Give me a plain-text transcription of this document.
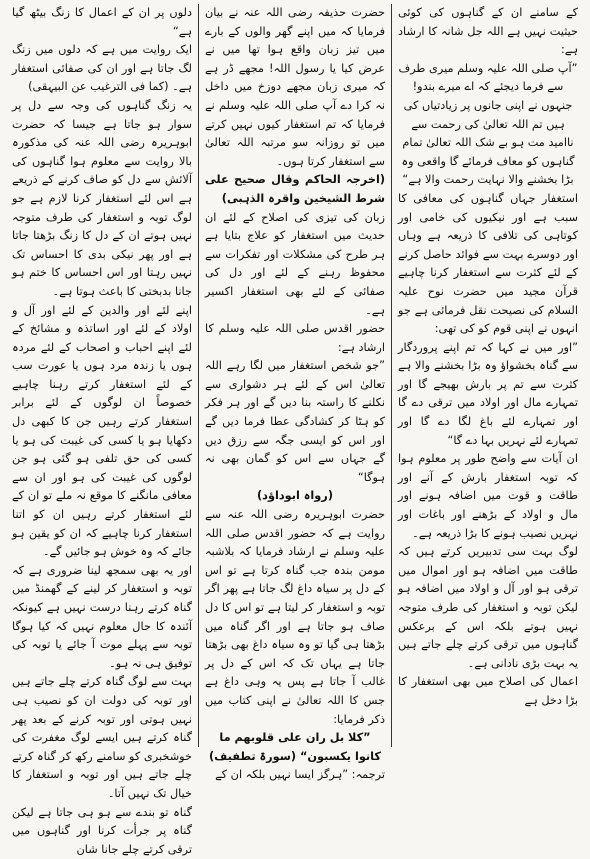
کے سامنے ان کے گناہوں کی کوئی حیثیت نہیں ہے اللہ جل شانہ کا ارشاد ہے:

”آپ صلی اللہ علیہ وسلم میری طرف سے فرما دیجئے کہ اے میرے بندو! جنہوں نے اپنی جانوں پر زیادتیاں کی ہیں تم اللہ تعالیٰ کی رحمت سے ناامید مت ہو بے شک اللہ تعالیٰ تمام گناہوں کو معاف فرمائے گا واقعی وہ بڑا بخشنے والا نہایت رحمت والا ہے“

استغفار جہاں گناہوں کی معافی کا سبب ہے اور نیکیوں کی خامی اور کوتاہی کی تلافی کا ذریعہ ہے وہاں اور دوسرے بہت سے فوائد حاصل کرنے کے لئے کثرت سے استغفار کرنا چاہیے قرآن مجید میں حضرت نوح علیہ السلام کی نصیحت نقل فرمائی ہے جو انہوں نے اپنی قوم کو کی تھی:

”اور میں نے کہا کہ تم اپنے پروردگار سے گناہ بخشواؤ وہ بڑا بخشنے والا ہے کثرت سے تم پر بارش بھیجے گا اور تمہارے مال اور اولاد میں ترقی دے گا اور تمہارے لئے باغ لگا دے گا اور تمہارے لئے نہریں بہا دے گا“

ان آیات سے واضح طور پر معلوم ہوا کہ توبہ استغفار بارش کے آنے اور طاقت و قوت میں اضافہ ہونے اور مال و اولاد کے بڑھنے اور باغات اور نہریں نصیب ہونے کا بڑا ذریعہ ہے۔

لوگ بہت سی تدبیریں کرتے ہیں کہ طاقت میں اضافہ ہو اور اموال میں ترقی ہو اور آل و اولاد میں اضافہ ہو لیکن توبہ و استغفار کی طرف متوجہ نہیں ہوتے بلکہ اس کے برعکس گناہوں میں ترقی کرتے چلے جاتے ہیں یہ بہت بڑی نادانی ہے۔

اعمال کی اصلاح میں بھی استغفار کا بڑا دخل ہے

حضرت حذیفہ رضی اللہ عنہ نے بیان فرمایا کہ میں اپنے گھر والوں کے بارے میں تیز زبان واقع ہوا تھا میں نے عرض کیا یا رسول اللہ! مجھے ڈر ہے کہ میری زبان مجھے دوزخ میں داخل نہ کرا دے آپ صلی اللہ علیہ وسلم نے فرمایا کہ تم استغفار کیوں نہیں کرتے میں تو روزانہ سو مرتبہ اللہ تعالیٰ سے استغفار کرتا ہوں۔

(اخرجہ الحاکم وقال صحیح علی شرط الشیخین واقرہ الذہبی)

زبان کی تیزی کی اصلاح کے لئے ان حدیث میں استغفار کو علاج بتایا ہے ہر طرح کی مشکلات اور تفکرات سے محفوظ رہنے کے لئے اور دل کی صفائی کے لئے بھی استغفار اکسیر ہے۔

حضور اقدس صلی اللہ علیہ وسلم کا ارشاد ہے:

”جو شخص استغفار میں لگا رہے اللہ تعالیٰ اس کے لئے ہر دشواری سے نکلنے کا راستہ بنا دیں گے اور ہر فکر کو ہٹا کر کشادگی عطا فرما دیں گے اور اس کو ایسی جگہ سے رزق دیں گے جہاں سے اس کو گمان بھی نہ ہوگا“

(رواہ ابوداؤد)

حضرت ابوہریرہ رضی اللہ عنہ سے روایت ہے کہ حضور اقدس صلی اللہ علیہ وسلم نے ارشاد فرمایا کہ بلاشبہ مومن بندہ جب گناہ کرتا ہے تو اس کے دل پر سیاہ داغ لگ جاتا ہے پھر اگر توبہ و استغفار کر لیتا ہے تو اس کا دل صاف ہو جاتا ہے اور اگر گناہ میں بڑھتا ہی گیا تو وہ سیاہ داغ بھی بڑھتا جاتا ہے یہاں تک کہ اس کے دل پر غالب آ جاتا ہے پس یہ وہی داغ ہے جس کا اللہ تعالیٰ نے اپنی کتاب میں ذکر فرمایا:

”کلا بل ران علی قلوبھم ما کانوا یکسبون“ (سورۃ تطفیف)

ترجمہ: ”ہرگز ایسا نہیں بلکہ ان کے

دلوں پر ان کے اعمال کا زنگ بیٹھ گیا ہے“

ایک روایت میں ہے کہ دلوں میں زنگ لگ جاتا ہے اور ان کی صفائی استغفار ہے۔ (کما فی الترغیب عن البیہقی)

یہ زنگ گناہوں کی وجہ سے دل پر سوار ہو جاتا ہے جیسا کہ حضرت ابوہریرہ رضی اللہ عنہ کی مذکورہ بالا روایت سے معلوم ہوا گناہوں کی آلائش سے دل کو صاف کرنے کے ذریعے ہے اس لئے استغفار کرنا لازم ہے جو لوگ توبہ و استغفار کی طرف متوجہ نہیں ہوتے ان کے دل کا زنگ بڑھتا جاتا ہے اور پھر نیکی بدی کا احساس تک نہیں رہتا اور اس احساس کا ختم ہو جانا بدبختی کا باعث ہوتا ہے۔

اپنے لئے اور والدین کے لئے اور آل و اولاد کے لئے اور اساتذہ و مشائخ کے لئے اپنے احباب و اصحاب کے لئے مردہ ہوں یا زندہ مرد ہوں یا عورت سب کے لئے استغفار کرتے رہنا چاہیے خصوصاً ان لوگوں کے لئے برابر استغفار کرتے رہیں جن کا کبھی دل دکھایا ہو یا کسی کی غیبت کی ہو یا کسی کی حق تلفی ہو گئی ہو جن لوگوں کی غیبت کی ہو اور ان سے معافی مانگنے کا موقع نہ ملے تو ان کے لئے استغفار کرتے رہیں ان کو اتنا استغفار کرنا چاہیے کہ ان کو یقین ہو جائے کہ وہ خوش ہو جائیں گے۔

اور یہ بھی سمجھ لینا ضروری ہے کہ توبہ و استغفار کر لینے کے گھمنڈ میں گناہ کرتے رہنا درست نہیں ہے کیونکہ آئندہ کا حال معلوم نہیں کہ کیا ہوگا توبہ سے پہلے موت آ جائے یا توبہ کی توفیق ہی نہ ہو۔

بہت سے لوگ گناہ کرتے چلے جاتے ہیں اور توبہ کی دولت ان کو نصیب ہی نہیں ہوتی اور توبہ کرنے کے بعد پھر گناہ کرتے ہیں ایسے لوگ مغفرت کی خوشخبری کو سامنے رکھ کر گناہ کرتے چلے جاتے ہیں اور توبہ و استغفار کا خیال تک نہیں آتا۔

گناہ تو بندے سے ہو ہی جاتا ہے لیکن گناہ پر جرأت کرنا اور گناہوں میں ترقی کرتے چلے جانا شان
